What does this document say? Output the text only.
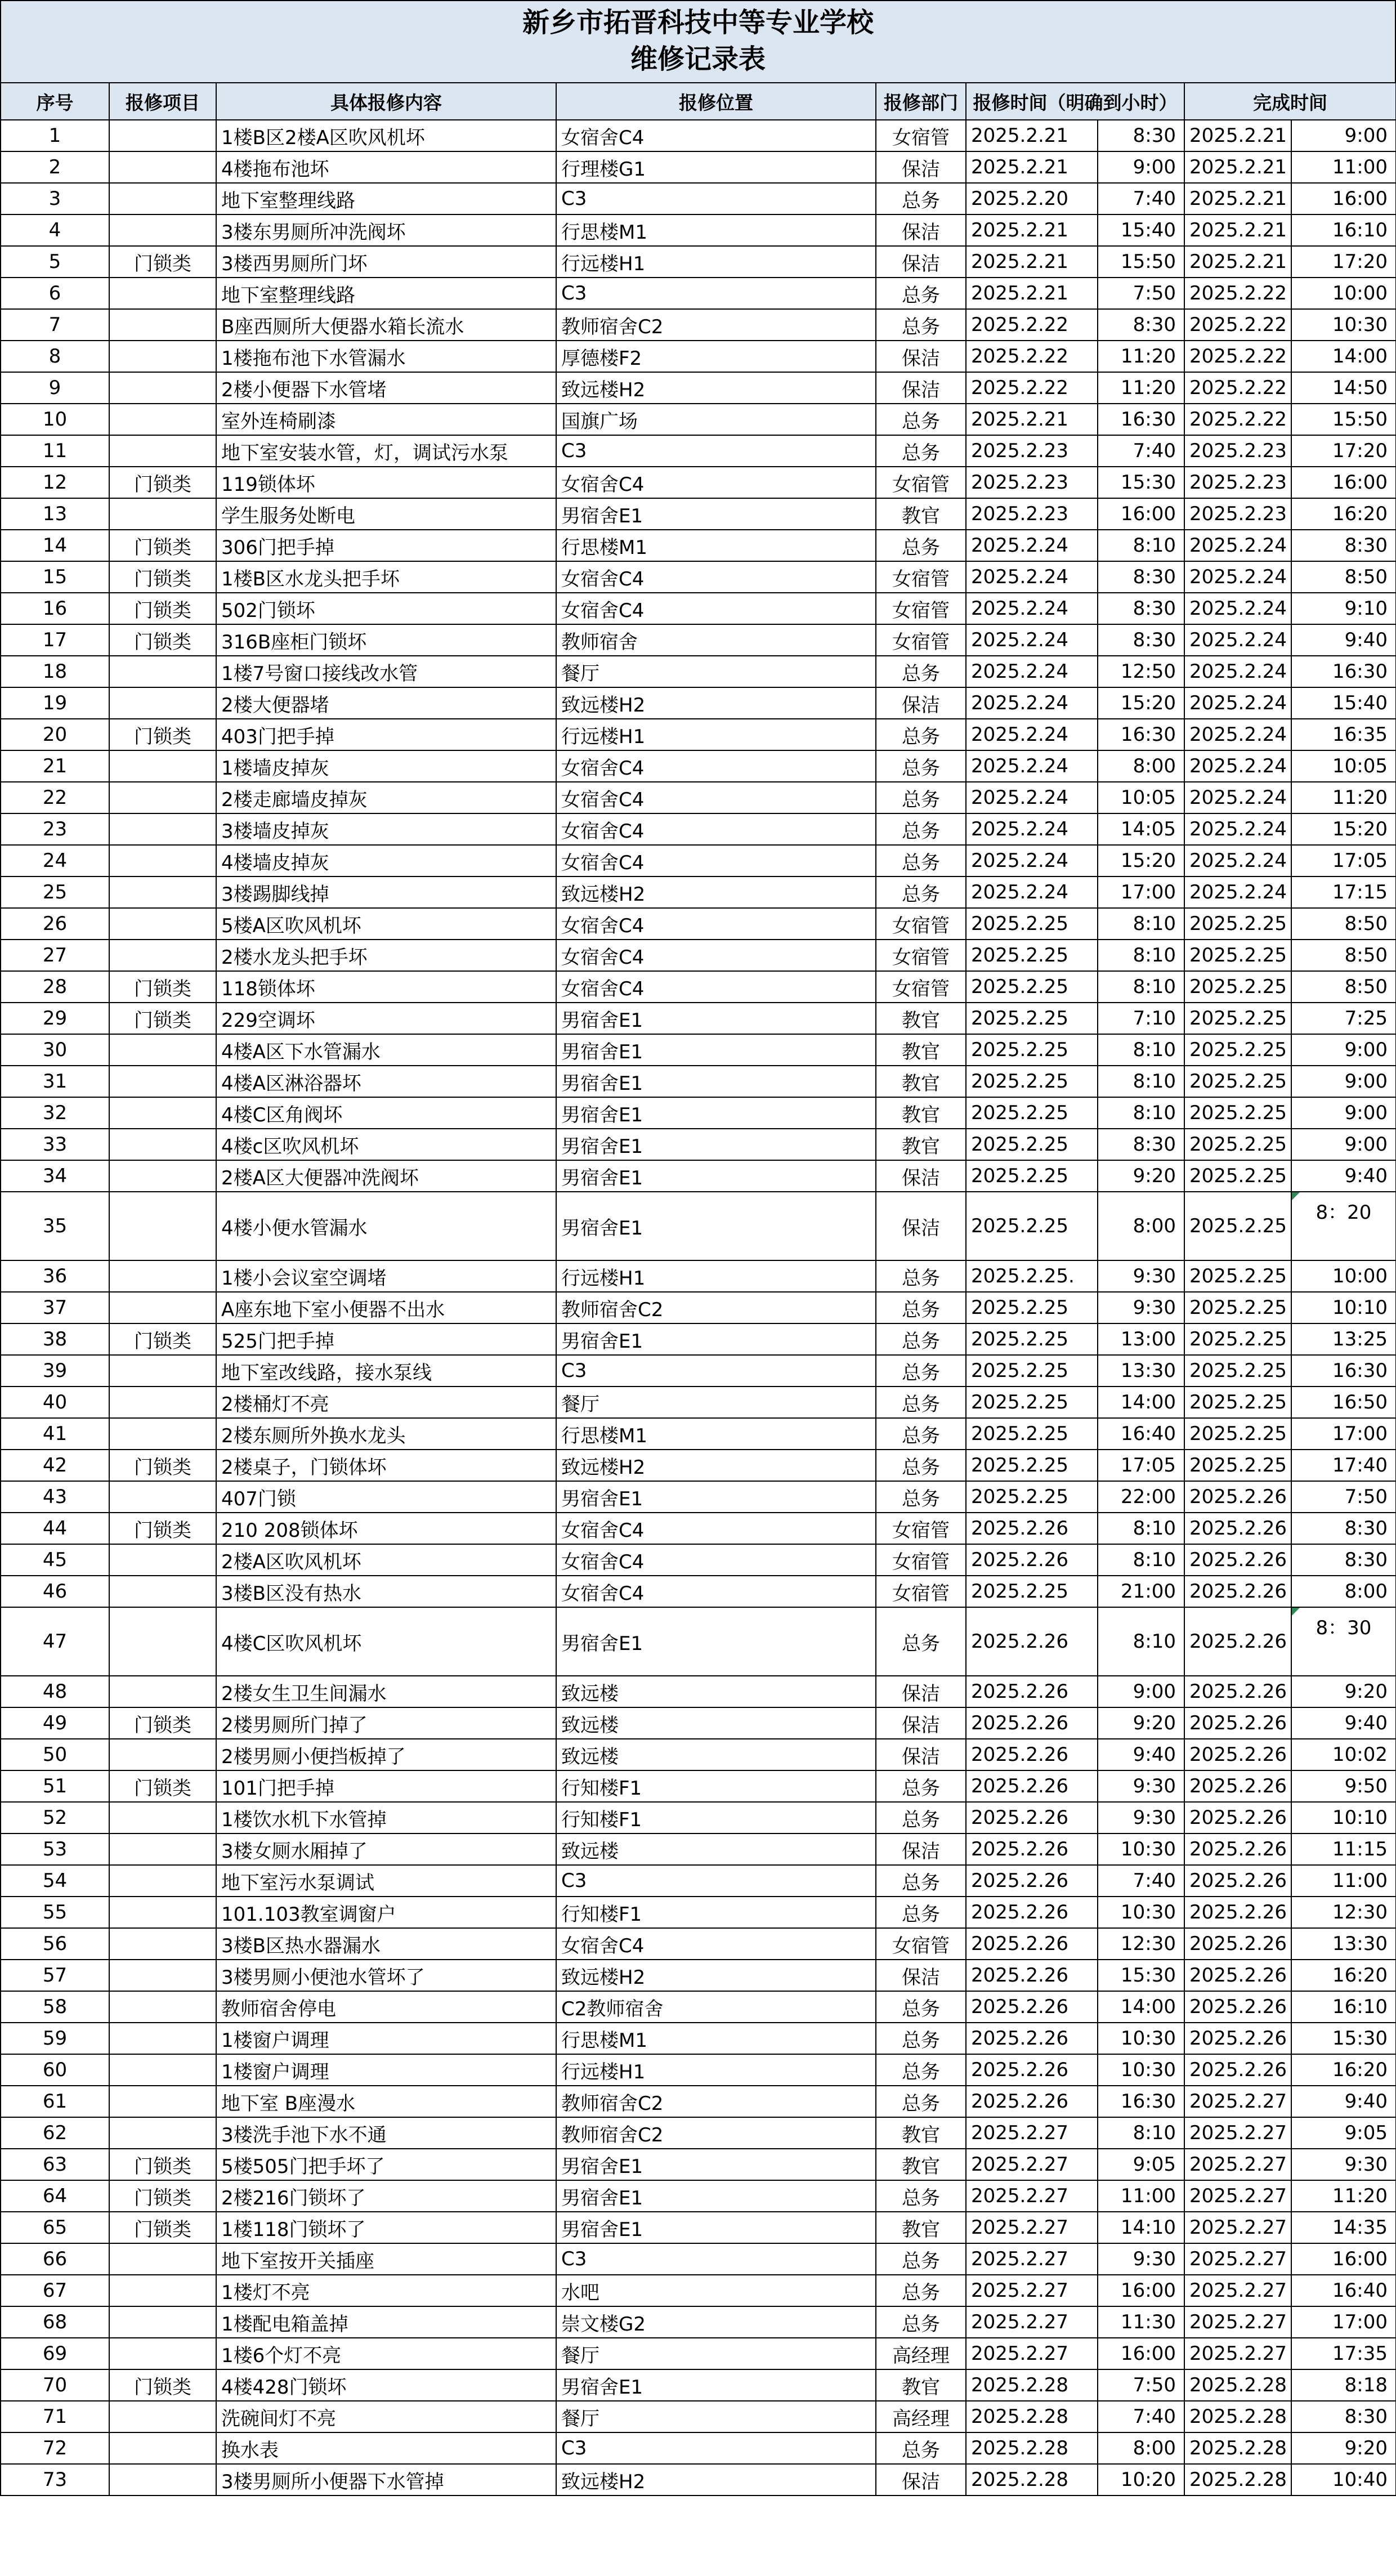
新乡市拓晋科技中等专业学校
维修记录表
序号	报修项目	具体报修内容	报修位置	报修部门	报修时间（明确到小时）		完成时间	
1		1楼B区2楼A区吹风机坏	女宿舍C4	女宿管	2025.2.21	8:30	2025.2.21	9:00
2		4楼拖布池坏	行理楼G1	保洁	2025.2.21	9:00	2025.2.21	11:00
3		地下室整理线路	C3	总务	2025.2.20	7:40	2025.2.21	16:00
4		3楼东男厕所冲洗阀坏	行思楼M1	保洁	2025.2.21	15:40	2025.2.21	16:10
5	门锁类	3楼西男厕所门坏	行远楼H1	保洁	2025.2.21	15:50	2025.2.21	17:20
6		地下室整理线路	C3	总务	2025.2.21	7:50	2025.2.22	10:00
7		B座西厕所大便器水箱长流水	教师宿舍C2	总务	2025.2.22	8:30	2025.2.22	10:30
8		1楼拖布池下水管漏水	厚德楼F2	保洁	2025.2.22	11:20	2025.2.22	14:00
9		2楼小便器下水管堵	致远楼H2	保洁	2025.2.22	11:20	2025.2.22	14:50
10		室外连椅刷漆	国旗广场	总务	2025.2.21	16:30	2025.2.22	15:50
11		地下室安装水管，灯，调试污水泵	C3	总务	2025.2.23	7:40	2025.2.23	17:20
12	门锁类	119锁体坏	女宿舍C4	女宿管	2025.2.23	15:30	2025.2.23	16:00
13		学生服务处断电	男宿舍E1	教官	2025.2.23	16:00	2025.2.23	16:20
14	门锁类	306门把手掉	行思楼M1	总务	2025.2.24	8:10	2025.2.24	8:30
15	门锁类	1楼B区水龙头把手坏	女宿舍C4	女宿管	2025.2.24	8:30	2025.2.24	8:50
16	门锁类	502门锁坏	女宿舍C4	女宿管	2025.2.24	8:30	2025.2.24	9:10
17	门锁类	316B座柜门锁坏	教师宿舍	女宿管	2025.2.24	8:30	2025.2.24	9:40
18		1楼7号窗口接线改水管	餐厅	总务	2025.2.24	12:50	2025.2.24	16:30
19		2楼大便器堵	致远楼H2	保洁	2025.2.24	15:20	2025.2.24	15:40
20	门锁类	403门把手掉	行远楼H1	总务	2025.2.24	16:30	2025.2.24	16:35
21		1楼墙皮掉灰	女宿舍C4	总务	2025.2.24	8:00	2025.2.24	10:05
22		2楼走廊墙皮掉灰	女宿舍C4	总务	2025.2.24	10:05	2025.2.24	11:20
23		3楼墙皮掉灰	女宿舍C4	总务	2025.2.24	14:05	2025.2.24	15:20
24		4楼墙皮掉灰	女宿舍C4	总务	2025.2.24	15:20	2025.2.24	17:05
25		3楼踢脚线掉	致远楼H2	总务	2025.2.24	17:00	2025.2.24	17:15
26		5楼A区吹风机坏	女宿舍C4	女宿管	2025.2.25	8:10	2025.2.25	8:50
27		2楼水龙头把手坏	女宿舍C4	女宿管	2025.2.25	8:10	2025.2.25	8:50
28	门锁类	118锁体坏	女宿舍C4	女宿管	2025.2.25	8:10	2025.2.25	8:50
29	门锁类	229空调坏	男宿舍E1	教官	2025.2.25	7:10	2025.2.25	7:25
30		4楼A区下水管漏水	男宿舍E1	教官	2025.2.25	8:10	2025.2.25	9:00
31		4楼A区淋浴器坏	男宿舍E1	教官	2025.2.25	8:10	2025.2.25	9:00
32		4楼C区角阀坏	男宿舍E1	教官	2025.2.25	8:10	2025.2.25	9:00
33		4楼c区吹风机坏	男宿舍E1	教官	2025.2.25	8:30	2025.2.25	9:00
34		2楼A区大便器冲洗阀坏	男宿舍E1	保洁	2025.2.25	9:20	2025.2.25	9:40
35		4楼小便水管漏水	男宿舍E1	保洁	2025.2.25	8:00	2025.2.25	8：20
36		1楼小会议室空调堵	行远楼H1	总务	2025.2.25.	9:30	2025.2.25	10:00
37		A座东地下室小便器不出水	教师宿舍C2	总务	2025.2.25	9:30	2025.2.25	10:10
38	门锁类	525门把手掉	男宿舍E1	总务	2025.2.25	13:00	2025.2.25	13:25
39		地下室改线路，接水泵线	C3	总务	2025.2.25	13:30	2025.2.25	16:30
40		2楼桶灯不亮	餐厅	总务	2025.2.25	14:00	2025.2.25	16:50
41		2楼东厕所外换水龙头	行思楼M1	总务	2025.2.25	16:40	2025.2.25	17:00
42	门锁类	2楼桌子，门锁体坏	致远楼H2	总务	2025.2.25	17:05	2025.2.25	17:40
43		407门锁	男宿舍E1	总务	2025.2.25	22:00	2025.2.26	7:50
44	门锁类	210 208锁体坏	女宿舍C4	女宿管	2025.2.26	8:10	2025.2.26	8:30
45		2楼A区吹风机坏	女宿舍C4	女宿管	2025.2.26	8:10	2025.2.26	8:30
46		3楼B区没有热水	女宿舍C4	女宿管	2025.2.25	21:00	2025.2.26	8:00
47		4楼C区吹风机坏	男宿舍E1	总务	2025.2.26	8:10	2025.2.26	8：30
48		2楼女生卫生间漏水	致远楼	保洁	2025.2.26	9:00	2025.2.26	9:20
49	门锁类	2楼男厕所门掉了	致远楼	保洁	2025.2.26	9:20	2025.2.26	9:40
50		2楼男厕小便挡板掉了	致远楼	保洁	2025.2.26	9:40	2025.2.26	10:02
51	门锁类	101门把手掉	行知楼F1	总务	2025.2.26	9:30	2025.2.26	9:50
52		1楼饮水机下水管掉	行知楼F1	总务	2025.2.26	9:30	2025.2.26	10:10
53		3楼女厕水厢掉了	致远楼	保洁	2025.2.26	10:30	2025.2.26	11:15
54		地下室污水泵调试	C3	总务	2025.2.26	7:40	2025.2.26	11:00
55		101.103教室调窗户	行知楼F1	总务	2025.2.26	10:30	2025.2.26	12:30
56		3楼B区热水器漏水	女宿舍C4	女宿管	2025.2.26	12:30	2025.2.26	13:30
57		3楼男厕小便池水管坏了	致远楼H2	保洁	2025.2.26	15:30	2025.2.26	16:20
58		教师宿舍停电	C2教师宿舍	总务	2025.2.26	14:00	2025.2.26	16:10
59		1楼窗户调理	行思楼M1	总务	2025.2.26	10:30	2025.2.26	15:30
60		1楼窗户调理	行远楼H1	总务	2025.2.26	10:30	2025.2.26	16:20
61		地下室 B座漫水	教师宿舍C2	总务	2025.2.26	16:30	2025.2.27	9:40
62		3楼洗手池下水不通	教师宿舍C2	教官	2025.2.27	8:10	2025.2.27	9:05
63	门锁类	5楼505门把手坏了	男宿舍E1	教官	2025.2.27	9:05	2025.2.27	9:30
64	门锁类	2楼216门锁坏了	男宿舍E1	总务	2025.2.27	11:00	2025.2.27	11:20
65	门锁类	1楼118门锁坏了	男宿舍E1	教官	2025.2.27	14:10	2025.2.27	14:35
66		地下室按开关插座	C3	总务	2025.2.27	9:30	2025.2.27	16:00
67		1楼灯不亮	水吧	总务	2025.2.27	16:00	2025.2.27	16:40
68		1楼配电箱盖掉	崇文楼G2	总务	2025.2.27	11:30	2025.2.27	17:00
69		1楼6个灯不亮	餐厅	高经理	2025.2.27	16:00	2025.2.27	17:35
70	门锁类	4楼428门锁坏	男宿舍E1	教官	2025.2.28	7:50	2025.2.28	8:18
71		洗碗间灯不亮	餐厅	高经理	2025.2.28	7:40	2025.2.28	8:30
72		换水表	C3	总务	2025.2.28	8:00	2025.2.28	9:20
73		3楼男厕所小便器下水管掉	致远楼H2	保洁	2025.2.28	10:20	2025.2.28	10:40
